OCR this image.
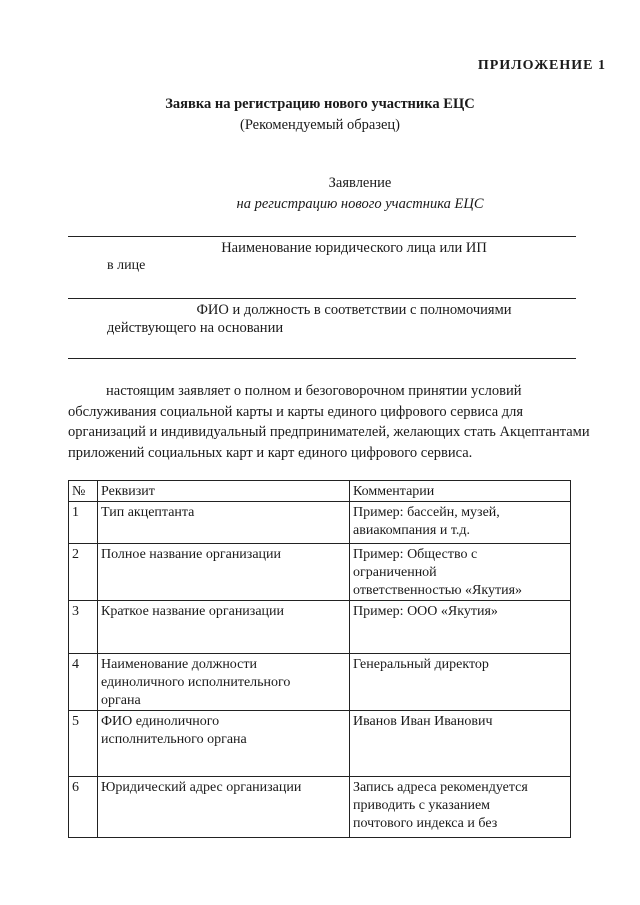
ПРИЛОЖЕНИЕ 1
Заявка на регистрацию нового участника ЕЦС
(Рекомендуемый образец)
Заявление
на регистрацию нового участника ЕЦС
Наименование юридического лица или ИП
в лице
ФИО и должность в соответствии с полномочиями
действующего на основании
настоящим заявляет о полном и безоговорочном принятии условий
обслуживания социальной карты и карты единого цифрового сервиса для
организаций и индивидуальный предпринимателей, желающих стать Акцептантами
приложений социальных карт и карт единого цифрового сервиса.
№	Реквизит	Комментарии
1	Тип акцептанта	Пример: бассейн, музей,
авиакомпания и т.д.

2	Полное название организации	Пример: Общество с
ограниченной
ответственностью «Якутия»

3	Краткое название организации	Пример: ООО «Якутия»

4	Наименование должности
единоличного исполнительного
органа	Генеральный директор

5	ФИО единоличного
исполнительного органа	Иванов Иван Иванович

6	Юридический адрес организации	Запись адреса рекомендуется
приводить с указанием
почтового индекса и без
